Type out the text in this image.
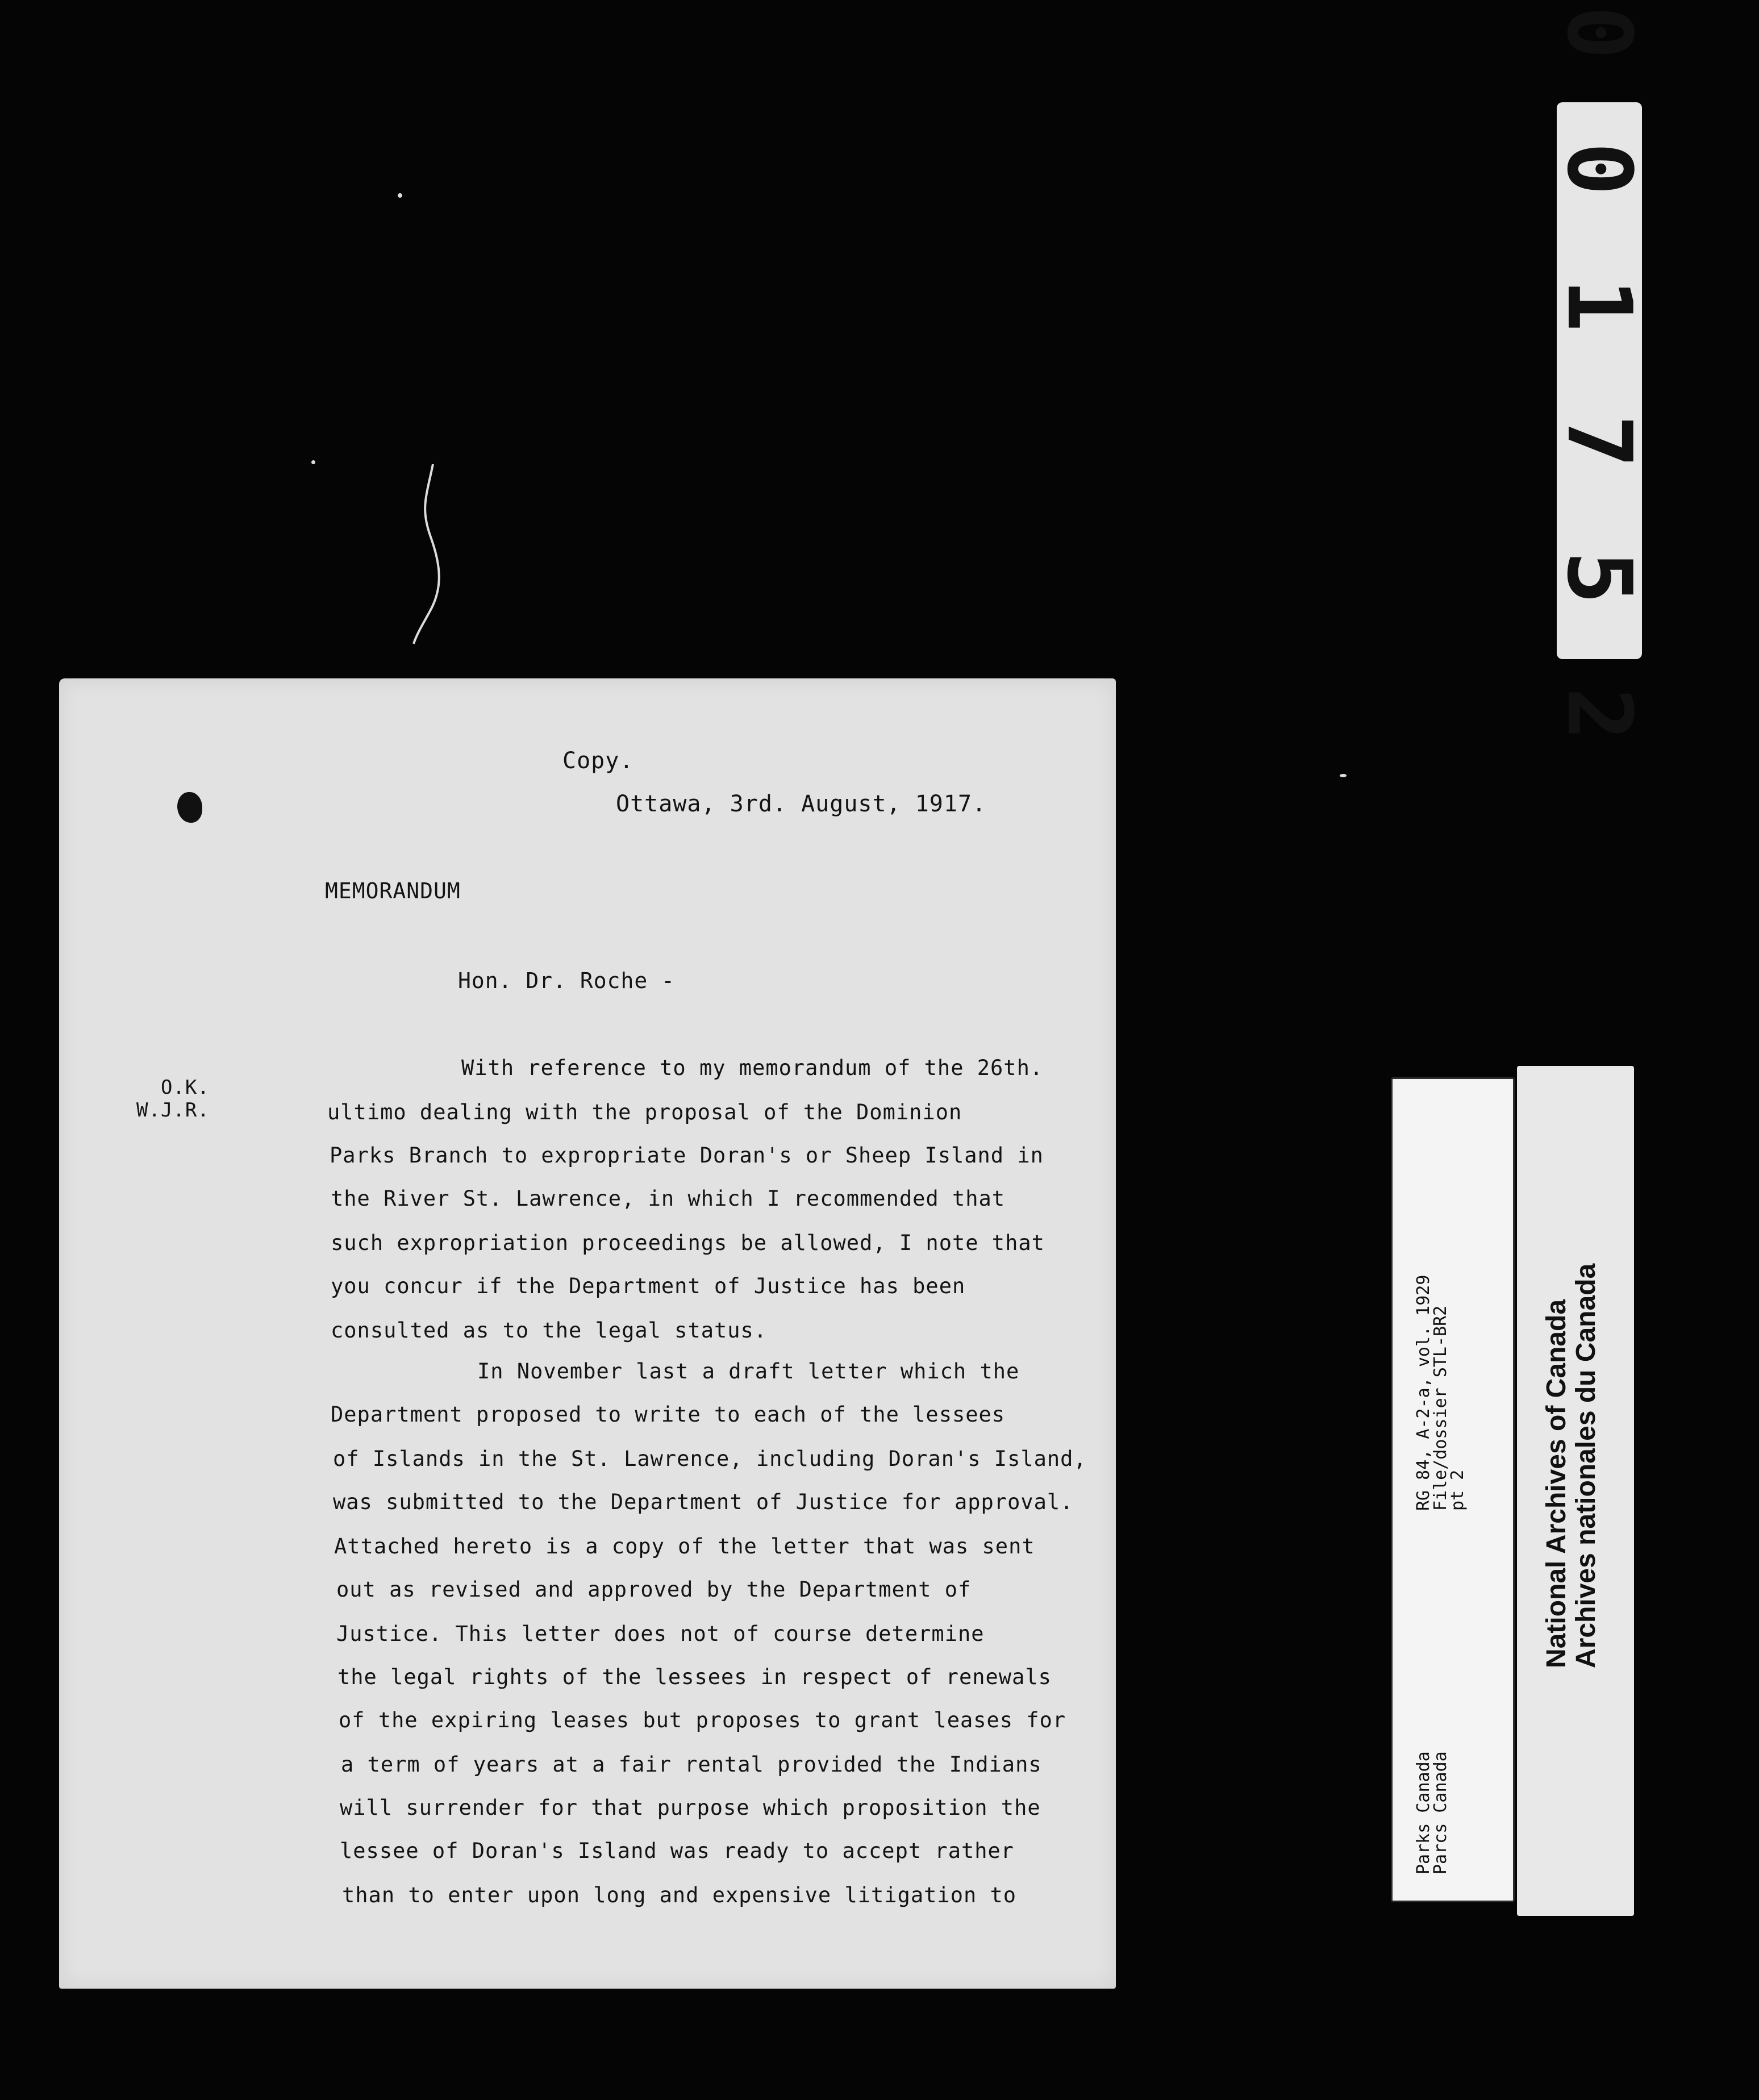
0 0 1 7 5 2
Copy.
Ottawa, 3rd. August, 1917.
MEMORANDUM
Hon. Dr. Roche -
O.K.
W.J.R.
With reference to my memorandum of the 26th.
ultimo dealing with the proposal of the Dominion
Parks Branch to expropriate Doran's or Sheep Island in
the River St. Lawrence, in which I recommended that
such expropriation proceedings be allowed, I note that
you concur if the Department of Justice has been
consulted as to the legal status.
In November last a draft letter which the
Department proposed to write to each of the lessees
of Islands in the St. Lawrence, including Doran's Island,
was submitted to the Department of Justice for approval.
Attached hereto is a copy of the letter that was sent
out as revised and approved by the Department of
Justice. This letter does not of course determine
the legal rights of the lessees in respect of renewals
of the expiring leases but proposes to grant leases for
a term of years at a fair rental provided the Indians
will surrender for that purpose which proposition the
lessee of Doran's Island was ready to accept rather
than to enter upon long and expensive litigation to
RG 84, A-2-a, vol. 1929
File/dossier STL-BR2
pt 2
Parks Canada
Parcs Canada
National Archives of Canada Archives nationales du Canada
